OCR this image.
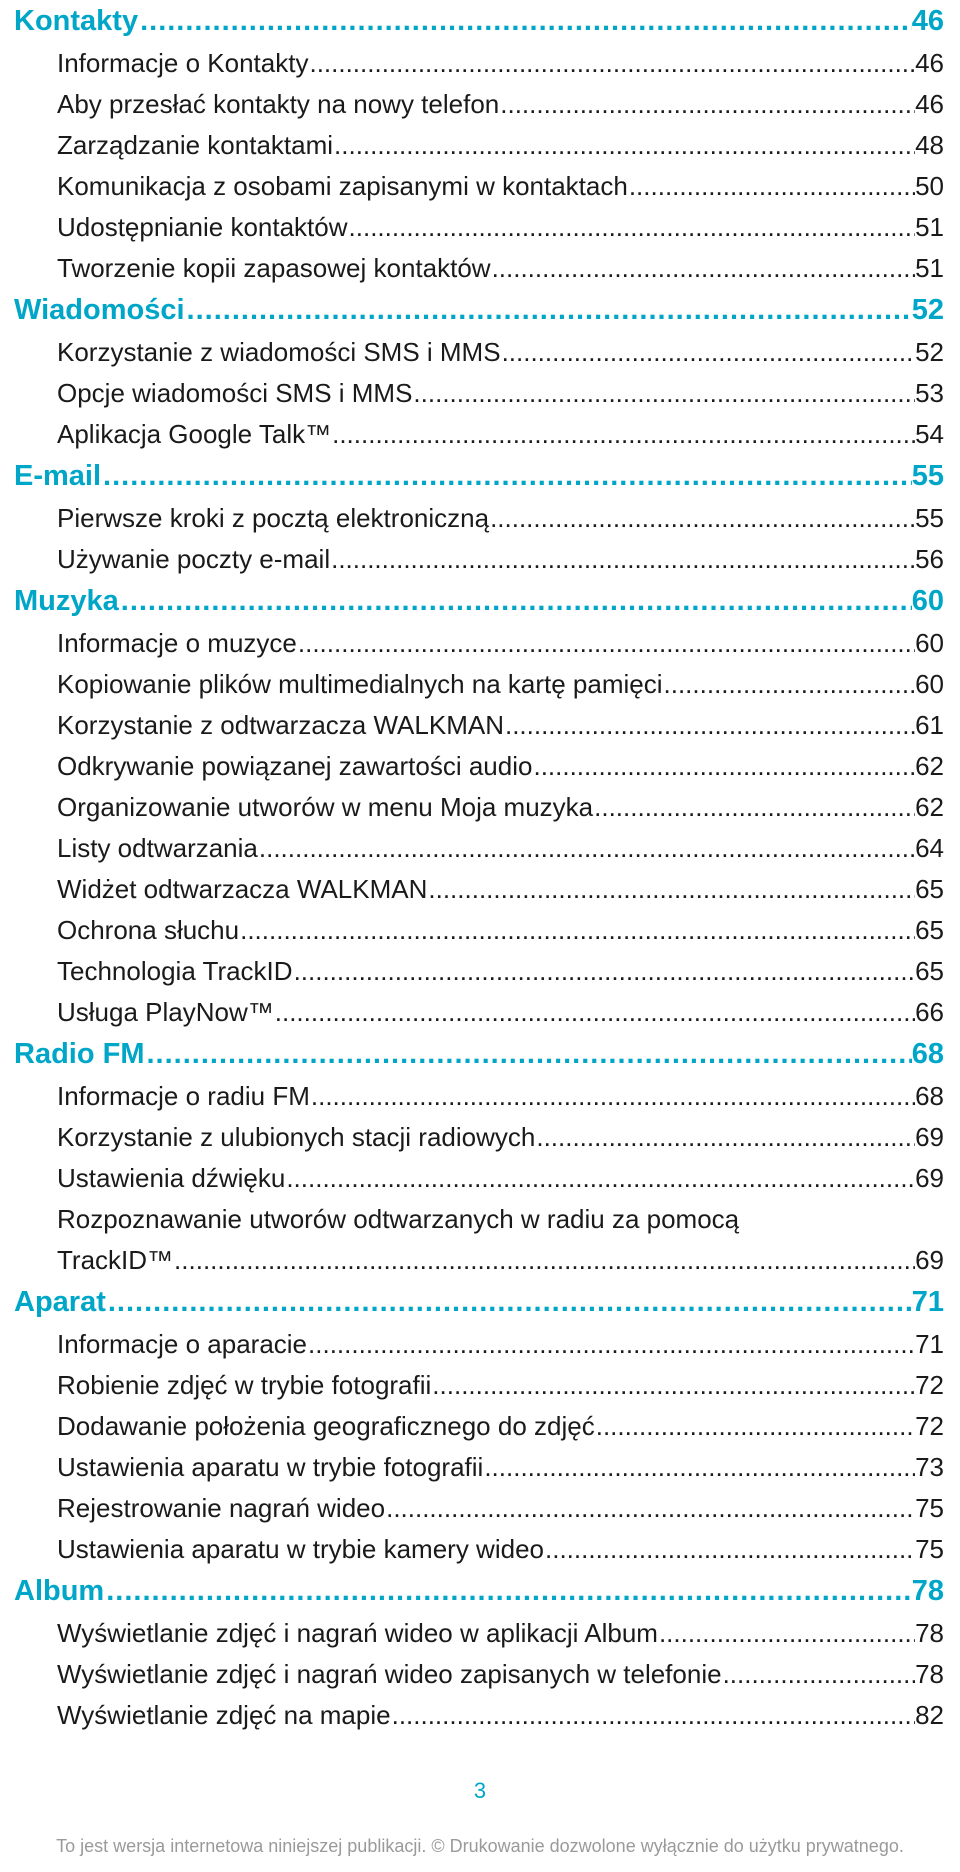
Kontakty .....	46
Informacje o Kontakty .....	46
Aby przesłać kontakty na nowy telefon .....	46
Zarządzanie kontaktami .....	48
Komunikacja z osobami zapisanymi w kontaktach .....	50
Udostępnianie kontaktów .....	51
Tworzenie kopii zapasowej kontaktów .....	51
Wiadomości .....	52
Korzystanie z wiadomości SMS i MMS .....	52
Opcje wiadomości SMS i MMS .....	53
Aplikacja Google Talk™ .....	54
E-mail .....	55
Pierwsze kroki z pocztą elektroniczną .....	55
Używanie poczty e-mail .....	56
Muzyka .....	60
Informacje o muzyce .....	60
Kopiowanie plików multimedialnych na kartę pamięci .....	60
Korzystanie z odtwarzacza WALKMAN .....	61
Odkrywanie powiązanej zawartości audio .....	62
Organizowanie utworów w menu Moja muzyka .....	62
Listy odtwarzania .....	64
Widżet odtwarzacza WALKMAN .....	65
Ochrona słuchu .....	65
Technologia TrackID .....	65
Usługa PlayNow™ .....	66
Radio FM .....	68
Informacje o radiu FM .....	68
Korzystanie z ulubionych stacji radiowych .....	69
Ustawienia dźwięku .....	69
Rozpoznawanie utworów odtwarzanych w radiu za pomocą
TrackID™ .....	69
Aparat .....	71
Informacje o aparacie .....	71
Robienie zdjęć w trybie fotografii .....	72
Dodawanie położenia geograficznego do zdjęć .....	72
Ustawienia aparatu w trybie fotografii .....	73
Rejestrowanie nagrań wideo .....	75
Ustawienia aparatu w trybie kamery wideo .....	75
Album .....	78
Wyświetlanie zdjęć i nagrań wideo w aplikacji Album .....	78
Wyświetlanie zdjęć i nagrań wideo zapisanych w telefonie .....	78
Wyświetlanie zdjęć na mapie .....	82
3
To jest wersja internetowa niniejszej publikacji. © Drukowanie dozwolone wyłącznie do użytku prywatnego.
